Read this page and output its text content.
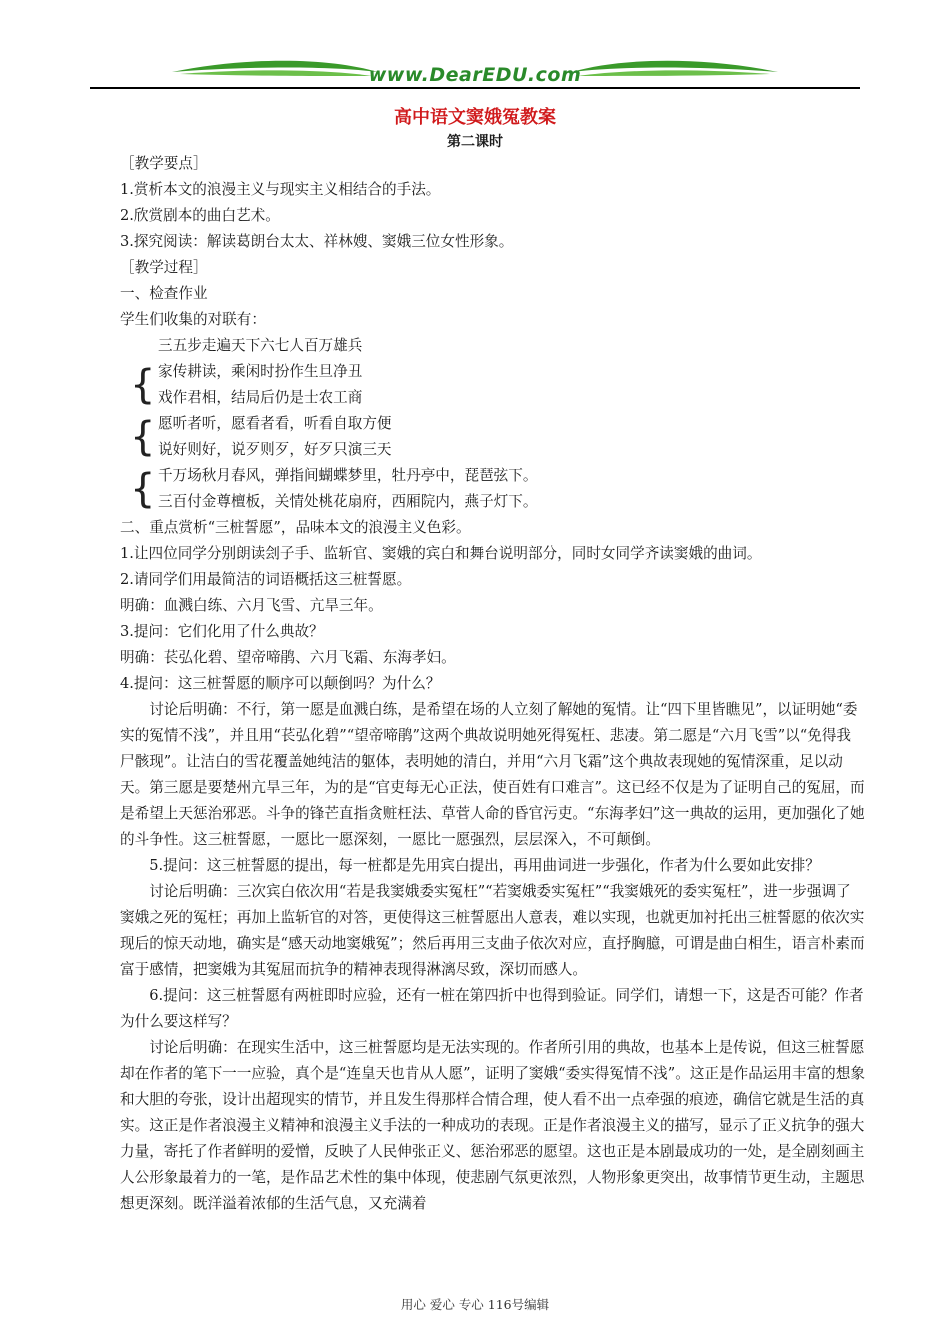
www.DearEDU.com
高中语文窦娥冤教案
第二课时

［教学要点］

1.赏析本文的浪漫主义与现实主义相结合的手法。

2.欣赏剧本的曲白艺术。

3.探究阅读：解读葛朗台太太、祥林嫂、窦娥三位女性形象。

［教学过程］

一、检查作业

学生们收集的对联有：

三五步走遍天下六七人百万雄兵

{ 家传耕读，乘闲时扮作生旦净丑

戏作君相，结局后仍是士农工商

{ 愿听者听，愿看者看，听看自取方便

说好则好，说歹则歹，好歹只演三天

{ 千万场秋月春风，弹指间蝴蝶梦里，牡丹亭中，琵琶弦下。

三百付金尊檀板，关情处桃花扇府，西厢院内，燕子灯下。

二、重点赏析“三桩誓愿”，品味本文的浪漫主义色彩。

1.让四位同学分别朗读刽子手、监斩官、窦娥的宾白和舞台说明部分，同时女同学齐读窦娥的曲词。

2.请同学们用最简洁的词语概括这三桩誓愿。

明确：血溅白练、六月飞雪、亢旱三年。

3.提问：它们化用了什么典故？

明确：苌弘化碧、望帝啼鹃、六月飞霜、东海孝妇。

4.提问：这三桩誓愿的顺序可以颠倒吗？为什么？

讨论后明确：不行，第一愿是血溅白练，是希望在场的人立刻了解她的冤情。让“四下里皆瞧见”，以证明她“委实的冤情不浅”，并且用“苌弘化碧”“望帝啼鹃”这两个典故说明她死得冤枉、悲凄。第二愿是“六月飞雪”以“免得我尸骸现”。让洁白的雪花覆盖她纯洁的躯体，表明她的清白，并用“六月飞霜”这个典故表现她的冤情深重，足以动天。第三愿是要楚州亢旱三年，为的是“官吏每无心正法，使百姓有口难言”。这已经不仅是为了证明自己的冤屈，而是希望上天惩治邪恶。斗争的锋芒直指贪赃枉法、草菅人命的昏官污吏。“东海孝妇”这一典故的运用，更加强化了她的斗争性。这三桩誓愿，一愿比一愿深刻，一愿比一愿强烈，层层深入，不可颠倒。

5.提问：这三桩誓愿的提出，每一桩都是先用宾白提出，再用曲词进一步强化，作者为什么要如此安排？

讨论后明确：三次宾白依次用“若是我窦娥委实冤枉”“若窦娥委实冤枉”“我窦娥死的委实冤枉”，进一步强调了窦娥之死的冤枉；再加上监斩官的对答，更使得这三桩誓愿出人意表，难以实现，也就更加衬托出三桩誓愿的依次实现后的惊天动地，确实是“感天动地窦娥冤”；然后再用三支曲子依次对应，直抒胸臆，可谓是曲白相生，语言朴素而富于感情，把窦娥为其冤屈而抗争的精神表现得淋漓尽致，深切而感人。

6.提问：这三桩誓愿有两桩即时应验，还有一桩在第四折中也得到验证。同学们，请想一下，这是否可能？作者为什么要这样写？

讨论后明确：在现实生活中，这三桩誓愿均是无法实现的。作者所引用的典故，也基本上是传说，但这三桩誓愿却在作者的笔下一一应验，真个是“连皇天也肯从人愿”，证明了窦娥“委实得冤情不浅”。这正是作品运用丰富的想象和大胆的夸张，设计出超现实的情节，并且发生得那样合情合理，使人看不出一点牵强的痕迹，确信它就是生活的真实。这正是作者浪漫主义精神和浪漫主义手法的一种成功的表现。正是作者浪漫主义的描写，显示了正义抗争的强大力量，寄托了作者鲜明的爱憎，反映了人民伸张正义、惩治邪恶的愿望。这也正是本剧最成功的一处，是全剧刻画主人公形象最着力的一笔，是作品艺术性的集中体现，使悲剧气氛更浓烈，人物形象更突出，故事情节更生动，主题思想更深刻。既洋溢着浓郁的生活气息，又充满着

用心 爱心 专心 116号编辑
